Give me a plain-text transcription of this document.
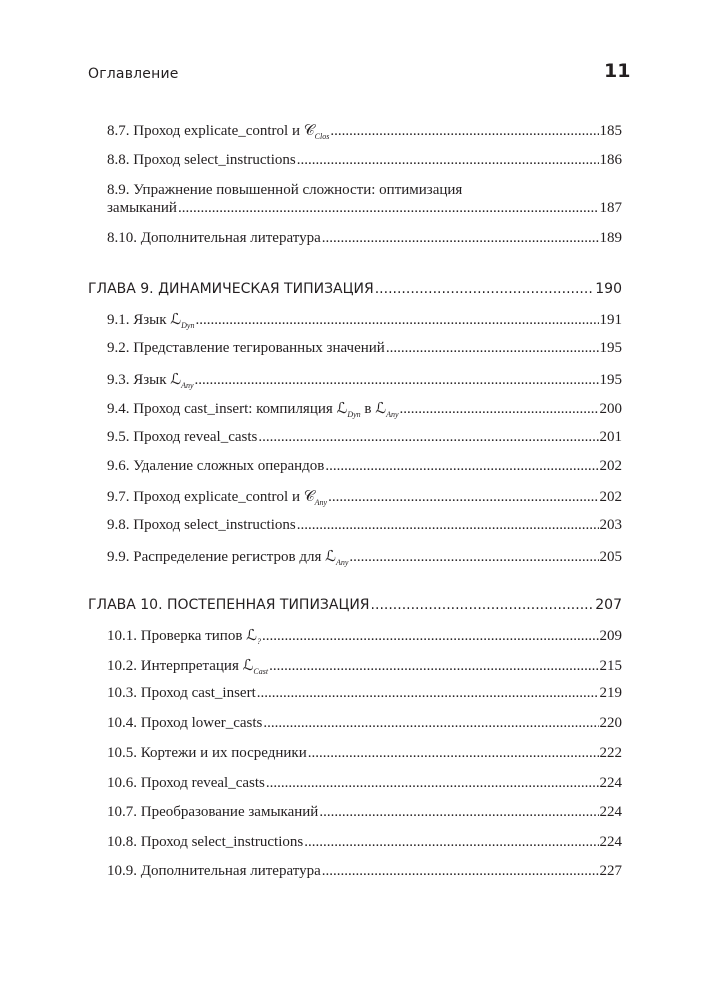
Оглавление	11
8.7. Проход explicate_control и 𝒞$_{Clos}$ .....	185
8.8. Проход select_instructions .....	186
8.9. Упражнение повышенной сложности: оптимизация
замыканий .....	187
8.10. Дополнительная литература .....	189
ГЛАВА 9. ДИНАМИЧЕСКАЯ ТИПИЗАЦИЯ .....	190
9.1. Язык ℒ$_{Dyn}$ .....	191
9.2. Представление тегированных значений .....	195
9.3. Язык ℒ$_{Any}$ .....	195
9.4. Проход cast_insert: компиляция ℒ$_{Dyn}$ в ℒ$_{Any}$ .....	200
9.5. Проход reveal_casts .....	201
9.6. Удаление сложных операндов .....	202
9.7. Проход explicate_control и 𝒞$_{Any}$ .....	202
9.8. Проход select_instructions .....	203
9.9. Распределение регистров для ℒ$_{Any}$ .....	205
ГЛАВА 10. ПОСТЕПЕННАЯ ТИПИЗАЦИЯ .....	207
10.1. Проверка типов ℒ$_?$ .....	209
10.2. Интерпретация ℒ$_{Cast}$ .....	215
10.3. Проход cast_insert .....	219
10.4. Проход lower_casts .....	220
10.5. Кортежи и их посредники .....	222
10.6. Проход reveal_casts .....	224
10.7. Преобразование замыканий .....	224
10.8. Проход select_instructions .....	224
10.9. Дополнительная литература .....	227
